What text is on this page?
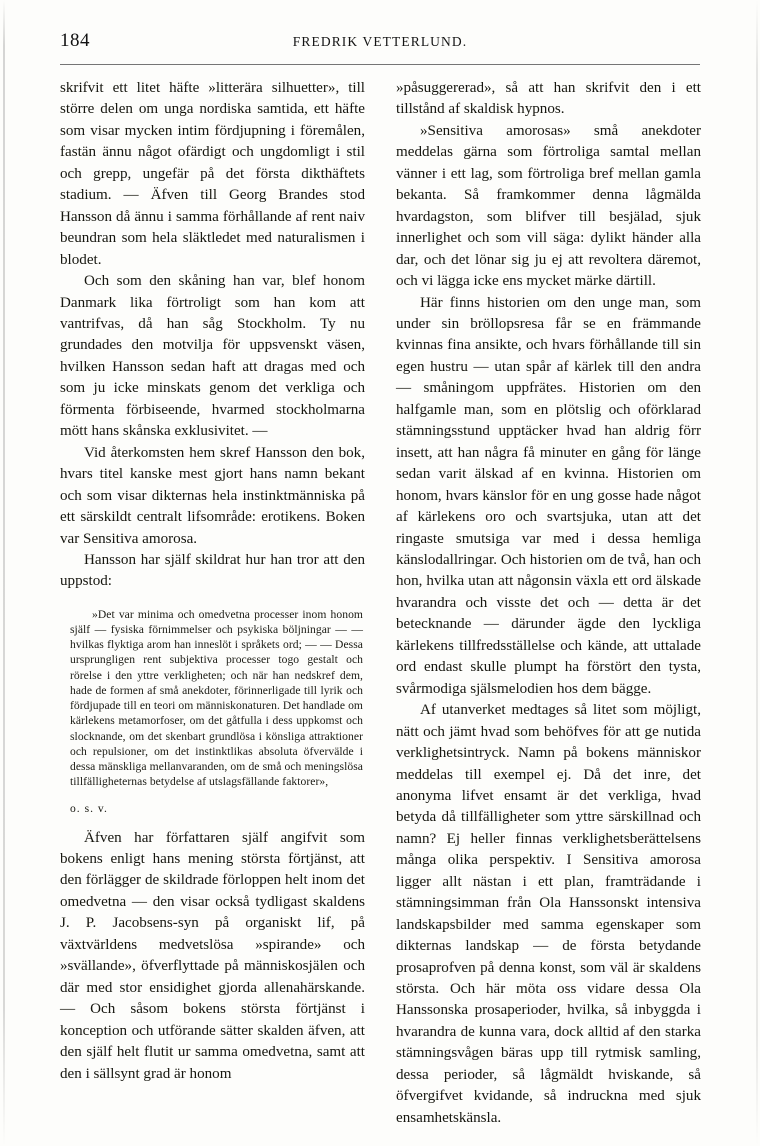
184	FREDRIK VETTERLUND.

skrifvit ett litet häfte »litterära silhuetter», till större delen om unga nordiska samtida, ett häfte som visar mycken intim fördjupning i föremålen, fastän ännu något ofärdigt och ungdomligt i stil och grepp, ungefär på det första dikthäftets stadium. — Äfven till Georg Brandes stod Hansson då ännu i samma förhållande af rent naiv beundran som hela släktledet med naturalismen i blodet.

Och som den skåning han var, blef honom Danmark lika förtroligt som han kom att vantrifvas, då han såg Stockholm. Ty nu grundades den motvilja för uppsvenskt väsen, hvilken Hansson sedan haft att dragas med och som ju icke minskats genom det verkliga och förmenta förbiseende, hvarmed stockholmarna mött hans skånska exklusivitet. —

Vid återkomsten hem skref Hansson den bok, hvars titel kanske mest gjort hans namn bekant och som visar dikternas hela instinktmänniska på ett särskildt centralt lifsområde: erotikens. Boken var Sensitiva amorosa.

Hansson har själf skildrat hur han tror att den uppstod:

»Det var minima och omedvetna processer inom honom själf — fysiska förnimmelser och psykiska böljningar — — hvilkas flyktiga arom han inneslöt i språkets ord; — — Dessa ursprungligen rent subjektiva processer togo gestalt och rörelse i den yttre verkligheten; och när han nedskref dem, hade de formen af små anekdoter, förinnerligade till lyrik och fördjupade till en teori om människonaturen. Det handlade om kärlekens metamorfoser, om det gåtfulla i dess uppkomst och slocknande, om det skenbart grundlösa i könsliga attraktioner och repulsioner, om det instinktlikas absoluta öfvervälde i dessa mänskliga mellanvaranden, om de små och meningslösa tillfälligheternas betydelse af utslagsfällande faktorer»,
o. s. v.

Äfven har författaren själf angifvit som bokens enligt hans mening största förtjänst, att den förlägger de skildrade förloppen helt inom det omedvetna — den visar också tydligast skaldens J. P. Jacobsens-syn på organiskt lif, på växtvärldens medvetslösa »spirande» och »svällande», öfverflyttade på människosjälen och där med stor ensidighet gjorda allenahärskande. — Och såsom bokens största förtjänst i konception och utförande sätter skalden äfven, att den själf helt flutit ur samma omedvetna, samt att den i sällsynt grad är honom

»påsuggererad», så att han skrifvit den i ett tillstånd af skaldisk hypnos.

»Sensitiva amorosas» små anekdoter meddelas gärna som förtroliga samtal mellan vänner i ett lag, som förtroliga bref mellan gamla bekanta. Så framkommer denna lågmälda hvardagston, som blifver till besjälad, sjuk innerlighet och som vill säga: dylikt händer alla dar, och det lönar sig ju ej att revoltera däremot, och vi lägga icke ens mycket märke därtill.

Här finns historien om den unge man, som under sin bröllopsresa får se en främmande kvinnas fina ansikte, och hvars förhållande till sin egen hustru — utan spår af kärlek till den andra — småningom uppfrätes. Historien om den halfgamle man, som en plötslig och oförklarad stämningsstund upptäcker hvad han aldrig förr insett, att han några få minuter en gång för länge sedan varit älskad af en kvinna. Historien om honom, hvars känslor för en ung gosse hade något af kärlekens oro och svartsjuka, utan att det ringaste smutsiga var med i dessa hemliga känslodallringar. Och historien om de två, han och hon, hvilka utan att någonsin växla ett ord älskade hvarandra och visste det och — detta är det betecknande — därunder ägde den lyckliga kärlekens tillfredsställelse och kände, att uttalade ord endast skulle plumpt ha förstört den tysta, svårmodiga själsmelodien hos dem bägge.

Af utanverket medtages så litet som möjligt, nätt och jämt hvad som behöfves för att ge nutida verklighetsintryck. Namn på bokens människor meddelas till exempel ej. Då det inre, det anonyma lifvet ensamt är det verkliga, hvad betyda då tillfälligheter som yttre särskillnad och namn? Ej heller finnas verklighetsberättelsens många olika perspektiv. I Sensitiva amorosa ligger allt nästan i ett plan, framträdande i stämningsimman från Ola Hanssonskt intensiva landskapsbilder med samma egenskaper som dikternas landskap — de första betydande prosaprofven på denna konst, som väl är skaldens största. Och här möta oss vidare dessa Ola Hanssonska prosaperioder, hvilka, så inbyggda i hvarandra de kunna vara, dock alltid af den starka stämningsvågen bäras upp till rytmisk samling, dessa perioder, så lågmäldt hviskande, så öfvergifvet kvidande, så indruckna med sjuk ensamhetskänsla.
